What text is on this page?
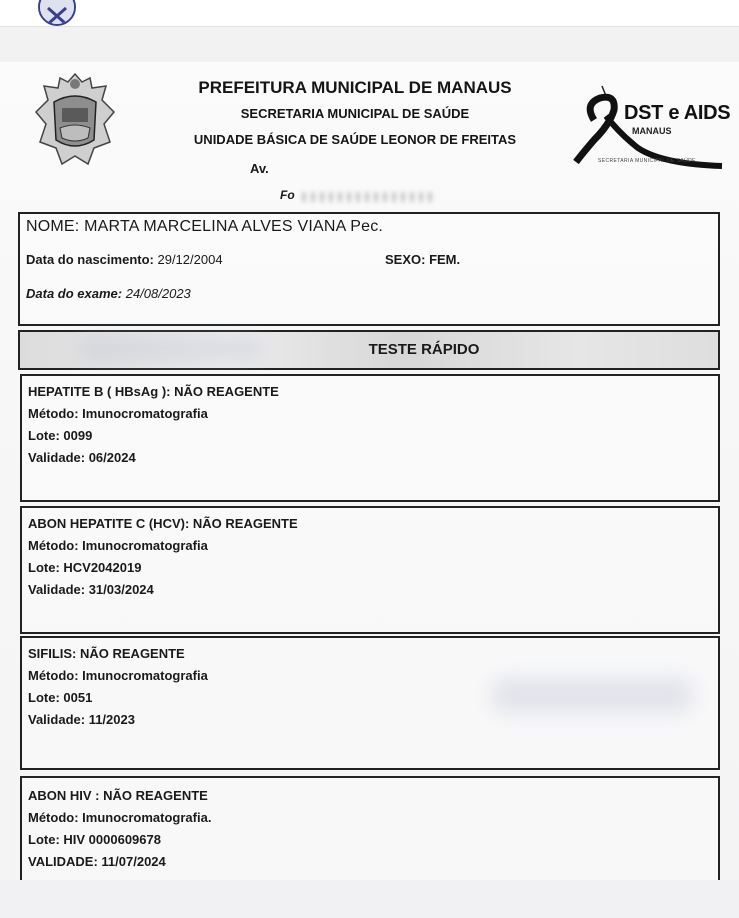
PREFEITURA MUNICIPAL DE MANAUS
SECRETARIA MUNICIPAL DE SAÚDE
UNIDADE BÁSICA DE SAÚDE LEONOR DE FREITAS
Av.
Fo
DST e AIDS
MANAUS
SECRETARIA MUNICIPAL DE SAÚDE
NOME: MARTA MARCELINA ALVES VIANA Pec.
Data do nascimento: 29/12/2004	SEXO: FEM.
Data do exame: 24/08/2023
TESTE RÁPIDO
HEPATITE B ( HBsAg ): NÃO REAGENTE
Método: Imunocromatografia
Lote: 0099
Validade: 06/2024
ABON HEPATITE C (HCV): NÃO REAGENTE
Método: Imunocromatografia
Lote: HCV2042019
Validade: 31/03/2024
SIFILIS: NÃO REAGENTE
Método: Imunocromatografia
Lote: 0051
Validade: 11/2023
ABON HIV : NÃO REAGENTE
Método: Imunocromatografia.
Lote: HIV 0000609678
VALIDADE: 11/07/2024
